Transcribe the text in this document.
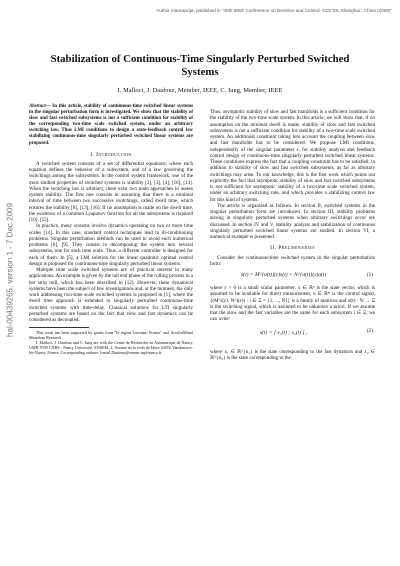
Author manuscript, published in "48th IEEE Conference on Decision and Control, CDC'09, Shanghai : China (2009)"
hal-00439265, version 1 - 7 Dec 2009
Stabilization of Continuous-Time Singularly Perturbed Switched Systems
I. Malloci, J. Daafouz, Member, IEEE, C. Iung, Member, IEEE

Abstract— In this article, stability of continuous-time switched linear systems in the singular perturbation form is investigated. We show that the stability of slow and fast switched subsystems is not a sufficient condition for stability of the corresponding two-time scale switched system, under an arbitrary switching law. Thus LMI conditions to design a state-feedback control law stabilizing continuous-time singularly perturbed switched linear systems are proposed.

I. Introduction

A switched system consists of a set of differential equations, where each equation defines the behavior of a subsystem, and of a law governing the switchings among the subsystems. In the control system framework, one of the most studied properties of switched systems is stability [2], [3], [4], [16], [13]. When the switching law is arbitrary, there exist two main approaches to assess system stability. The first one consists in assuming that there is a minimal interval of time between two successive switchings, called dwell time, which ensures the stability [8], [13], [16]. If no assumption is made on the dwell time, the existence of a common Lyapunov function for all the subsystems is required [10], [15].

In practice, many systems involve dynamics operating on two or more time scales [14]. In this case, standard control techniques lead to ill-conditioning problems. Singular perturbation methods can be used to avoid such numerical problems [6], [9]. They consist in decomposing the system into several subsystems, one for each time scale. Thus, a different controller is designed for each of them. In [5], a LMI solution for the linear quadratic optimal control design is proposed for continuous-time singularly perturbed linear systems.

Multiple time scale switched systems are of practical interest in many applications. An example is given by the tail end phase of the rolling process in a hot strip mill, which has been described in [12]. However, these dynamical systems have been the subject of few investigations and, at the moment, the only work addressing two-time scale switched systems is proposed in [1], where the dwell time approach is extended to singularly perturbed continuous-time switched systems with time-delay. Classical solutions for LTI singularly perturbed systems are based on the fact that slow and fast dynamics can be considered as decoupled.

This work has been supported by grants from "la région Lorraine, France" and ArcelorMittal Maizières Research.

I. Malloci, J. Daafouz and C. Iung are with the Centre de Recherche en Automatique de Nancy, UMR 7039 CNRS - Nancy Université, ENSEM, 2, Avenue de la forêt de Haye 54516 Vandoeuvre-lès-Nancy, France. Corresponding authors: Ismail.Daafouz@ensem.inpl-nancy.fr

Thus, asymptotic stability of slow and fast manifolds is a sufficient condition for the stability of the two-time scale system. In this article, we will show that, if no assumption on the minimal dwell is made, stability of slow and fast switched subsystems is not a sufficient condition for stability of a two-time scale switched system. An additional constraint taking into account the coupling between slow and fast manifolds has to be considered. We propose LMI conditions, independently of the singular parameter ε, for stability analysis and feedback control design of continuous-time singularly perturbed switched linear systems. These conditions express the fact that a coupling constraint has to be satisfied, in addition to stability of slow and fast switched subsystems, as far as arbitrary switchings may arise. To our knowledge, this is the first work which points out explicitly the fact that asymptotic stability of slow and fast switched subsystems is not sufficient for asymptotic stability of a two-time scale switched system, under an arbitrary switching rule, and which provides a stabilizing control law for this kind of systems.

The article is organized as follows. In section II, switched systems in the singular perturbation form are introduced. In section III, stability problems arising in singularly perturbed systems when arbitrary switchings occur are discussed. In section IV and V, stability analysis and stabilization of continuous singularly perturbed switched linear systems are studied. In section VI, a numerical example is presented.

II. Preliminaries

Consider the continuous-time switched system in the singular perturbation form:

ẋ(t) = M^{σ(t)}(ε)x(t) + N^{σ(t)}(ε)u(t)	(1)

where ε > 0 is a small scalar parameter, x ∈ ℝⁿ is the state vector, which is assumed to be available for direct measurement, u ∈ ℝᵐ is the control signal, {(M^i(ε), N^i(ε)) : i ∈ Ξ = {1, ..., N}} is a family of matrices and σ(t) : ℕ → Ξ is the switching signal, which is assumed to be unknown a priori. If we assume that the slow and the fast variables are the same for each subsystem i ∈ Ξ, we can write:

x(t) = [ x₁(t) ; x₂(t) ] ,	(2)

where x₁ ∈ ℝ^{n₁} is the state corresponding to the fast dynamics and x₂ ∈ ℝ^{n₂} is the state corresponding to the
